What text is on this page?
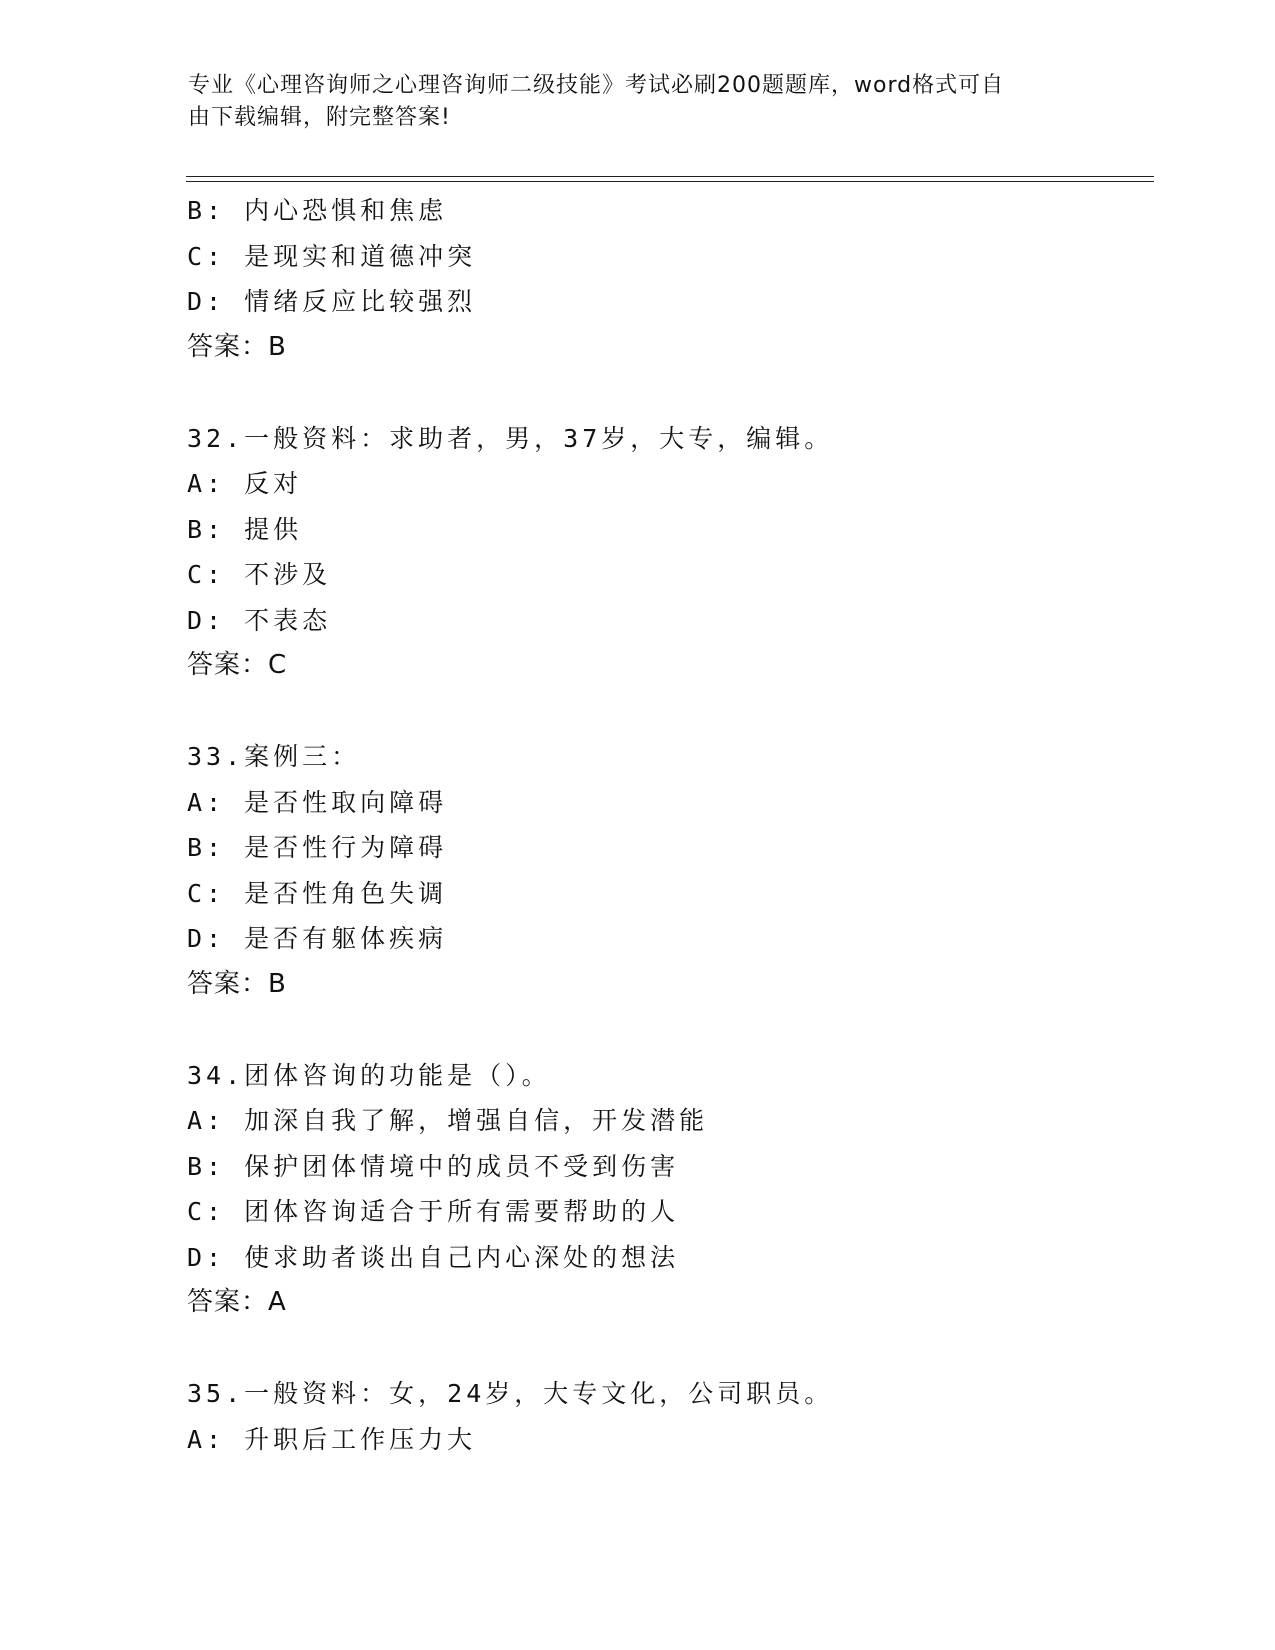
专业《心理咨询师之心理咨询师二级技能》考试必刷200题题库，word格式可自
由下载编辑，附完整答案!
B: 内心恐惧和焦虑
C: 是现实和道德冲突
D: 情绪反应比较强烈
答案：B
32.一般资料：求助者，男，37岁，大专，编辑。
A: 反对
B: 提供
C: 不涉及
D: 不表态
答案：C
33.案例三：
A: 是否性取向障碍
B: 是否性行为障碍
C: 是否性角色失调
D: 是否有躯体疾病
答案：B
34.团体咨询的功能是（）。
A: 加深自我了解，增强自信，开发潜能
B: 保护团体情境中的成员不受到伤害
C: 团体咨询适合于所有需要帮助的人
D: 使求助者谈出自己内心深处的想法
答案：A
35.一般资料：女，24岁，大专文化，公司职员。
A: 升职后工作压力大
